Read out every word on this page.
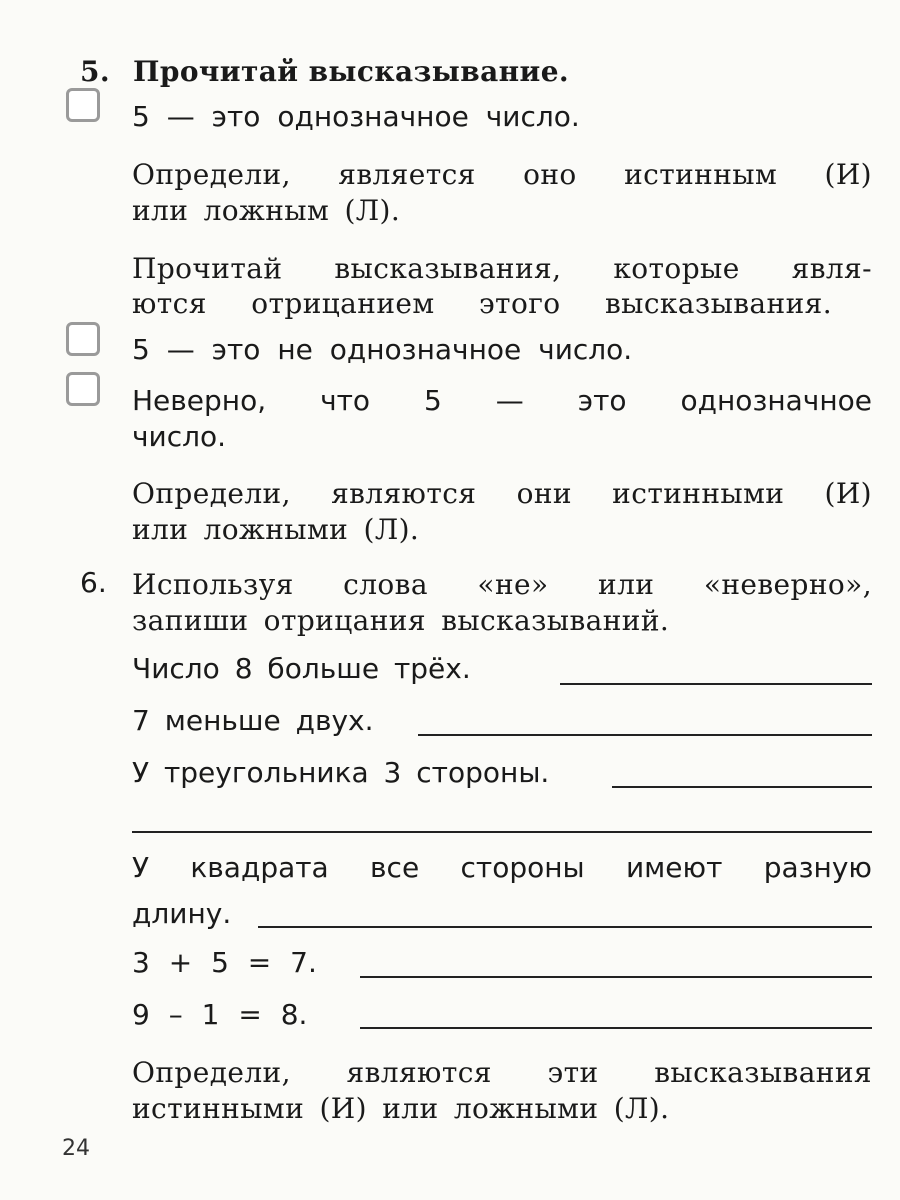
5. Прочитай высказывание.
5 — это однозначное число.
Определи, является оно истинным (И)
или ложным (Л).
Прочитай высказывания, которые явля-
ются отрицанием этого высказывания.
5 — это не однозначное число.
Неверно, что 5 — это однозначное
число.
Определи, являются они истинными (И)
или ложными (Л).
6. Используя слова «не» или «неверно»,
запиши отрицания высказываний.
Число 8 больше трёх.
7 меньше двух.
У треугольника 3 стороны.
У квадрата все стороны имеют разную
длину.
3 + 5 = 7.
9 – 1 = 8.
Определи, являются эти высказывания
истинными (И) или ложными (Л).
24
